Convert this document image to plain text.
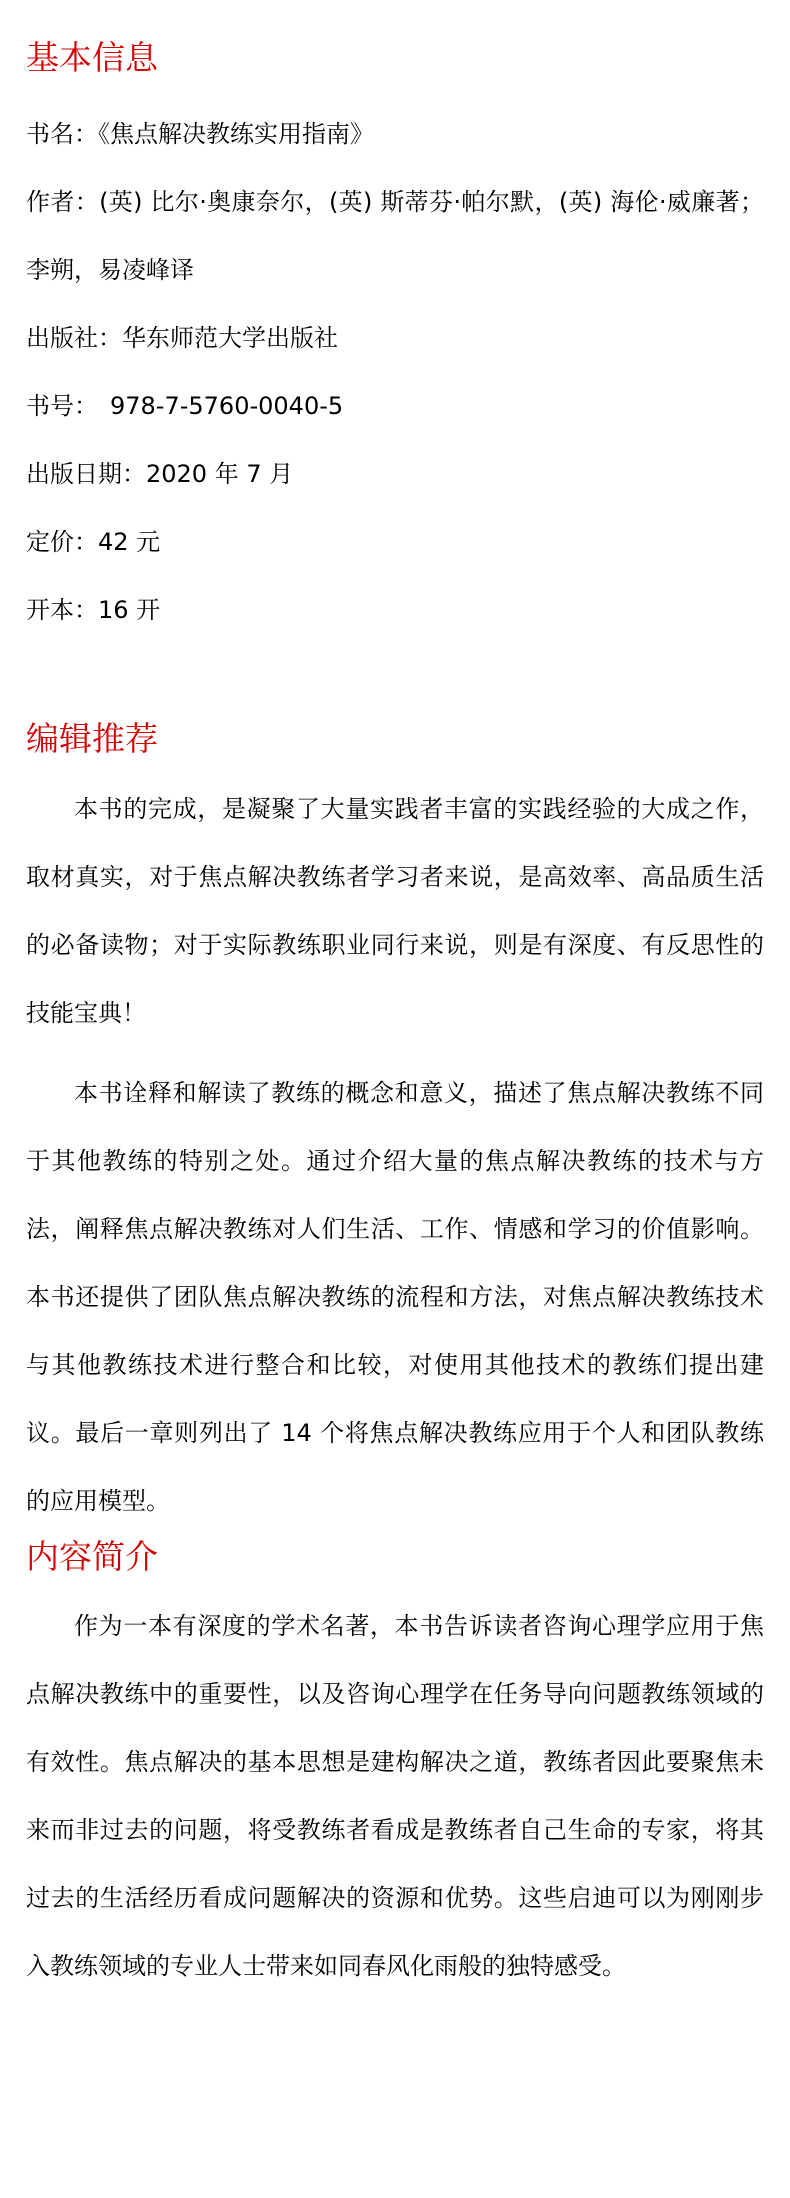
基本信息

书名：《焦点解决教练实用指南》

作者：(英) 比尔·奥康奈尔，(英) 斯蒂芬·帕尔默，(英) 海伦·威廉著；李朔，易凌峰译

出版社：华东师范大学出版社

书号：　978-7-5760-0040-5

出版日期：2020 年 7 月

定价：42 元

开本：16 开

编辑推荐

本书的完成，是凝聚了大量实践者丰富的实践经验的大成之作，取材真实，对于焦点解决教练者学习者来说，是高效率、高品质生活的必备读物；对于实际教练职业同行来说，则是有深度、有反思性的技能宝典！

本书诠释和解读了教练的概念和意义，描述了焦点解决教练不同于其他教练的特别之处。通过介绍大量的焦点解决教练的技术与方法，阐释焦点解决教练对人们生活、工作、情感和学习的价值影响。本书还提供了团队焦点解决教练的流程和方法，对焦点解决教练技术与其他教练技术进行整合和比较，对使用其他技术的教练们提出建议。最后一章则列出了 14 个将焦点解决教练应用于个人和团队教练的应用模型。

内容简介

作为一本有深度的学术名著，本书告诉读者咨询心理学应用于焦点解决教练中的重要性，以及咨询心理学在任务导向问题教练领域的有效性。焦点解决的基本思想是建构解决之道，教练者因此要聚焦未来而非过去的问题，将受教练者看成是教练者自己生命的专家，将其过去的生活经历看成问题解决的资源和优势。这些启迪可以为刚刚步入教练领域的专业人士带来如同春风化雨般的独特感受。
